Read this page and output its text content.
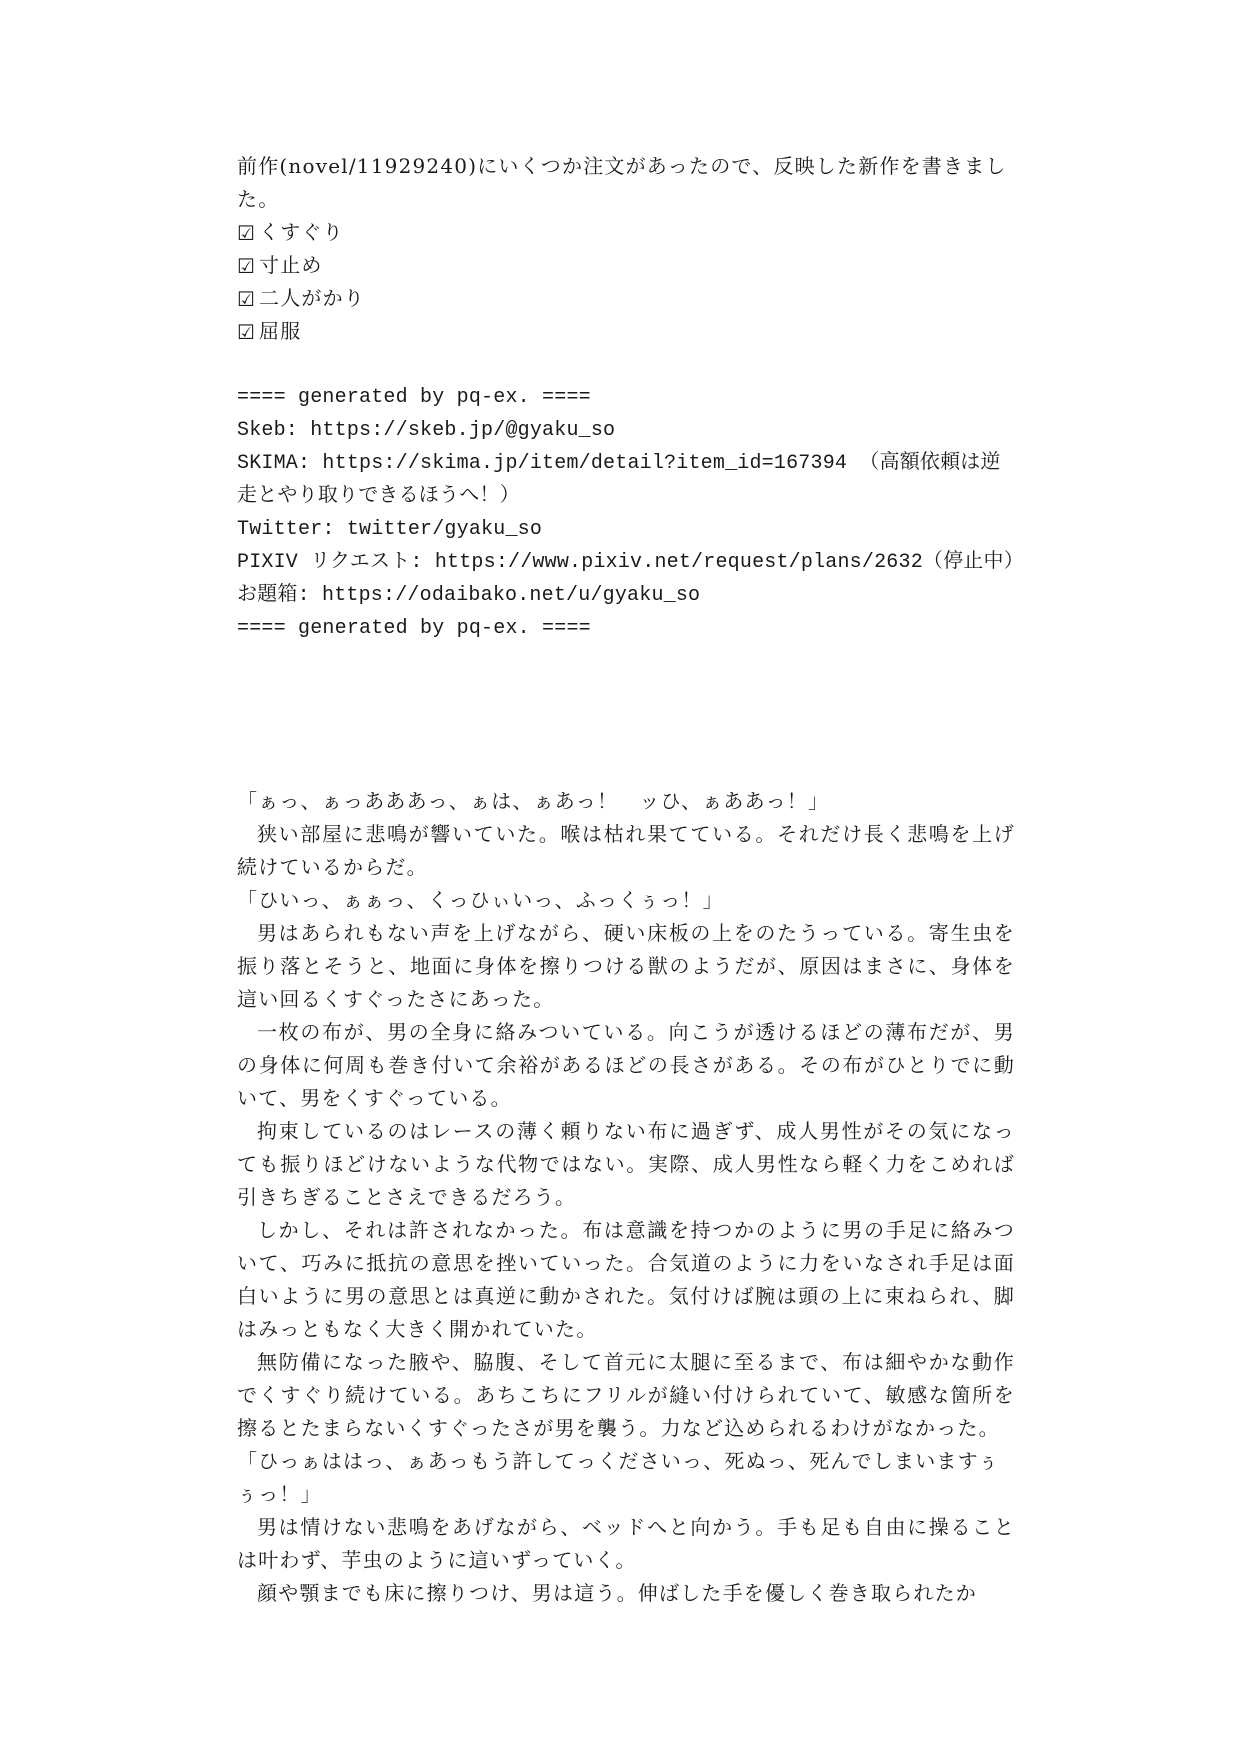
前作(novel/11929240)にいくつか注文があったので、反映した新作を書きました。

☑ くすぐり

☑ 寸止め

☑ 二人がかり

☑ 屈服

==== generated by pq-ex. ====

Skeb: https://skeb.jp/@gyaku_so

SKIMA: https://skima.jp/item/detail?item_id=167394 （高額依頼は逆走とやり取りできるほうへ！）

Twitter: twitter/gyaku_so

PIXIV リクエスト: https://www.pixiv.net/request/plans/2632（停止中）

お題箱: https://odaibako.net/u/gyaku_so

==== generated by pq-ex. ====

「ぁっ、ぁっあああっ、ぁは、ぁあっ！　ッひ、ぁああっ！」

狭い部屋に悲鳴が響いていた。喉は枯れ果てている。それだけ長く悲鳴を上げ続けているからだ。

「ひいっ、ぁぁっ、くっひぃいっ、ふっくぅっ！」

男はあられもない声を上げながら、硬い床板の上をのたうっている。寄生虫を振り落とそうと、地面に身体を擦りつける獣のようだが、原因はまさに、身体を這い回るくすぐったさにあった。

一枚の布が、男の全身に絡みついている。向こうが透けるほどの薄布だが、男の身体に何周も巻き付いて余裕があるほどの長さがある。その布がひとりでに動いて、男をくすぐっている。

拘束しているのはレースの薄く頼りない布に過ぎず、成人男性がその気になっても振りほどけないような代物ではない。実際、成人男性なら軽く力をこめれば引きちぎることさえできるだろう。

しかし、それは許されなかった。布は意識を持つかのように男の手足に絡みついて、巧みに抵抗の意思を挫いていった。合気道のように力をいなされ手足は面白いように男の意思とは真逆に動かされた。気付けば腕は頭の上に束ねられ、脚はみっともなく大きく開かれていた。

無防備になった腋や、脇腹、そして首元に太腿に至るまで、布は細やかな動作でくすぐり続けている。あちこちにフリルが縫い付けられていて、敏感な箇所を擦るとたまらないくすぐったさが男を襲う。力など込められるわけがなかった。

「ひっぁははっ、ぁあっもう許してっくださいっ、死ぬっ、死んでしまいますぅぅっ！」

男は情けない悲鳴をあげながら、ベッドへと向かう。手も足も自由に操ることは叶わず、芋虫のように這いずっていく。

顔や顎までも床に擦りつけ、男は這う。伸ばした手を優しく巻き取られたか
